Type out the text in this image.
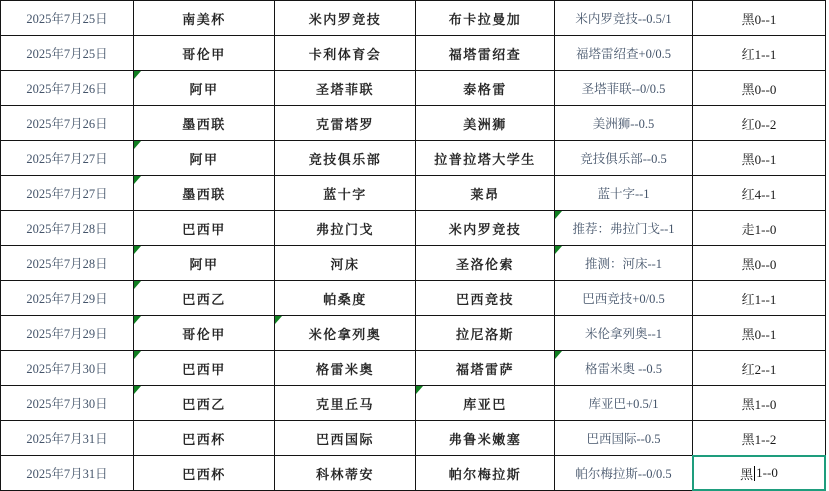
2025年7月25日	南美杯	米内罗竞技	布卡拉曼加	米内罗竞技--0.5/1	黑0--1
2025年7月25日	哥伦甲	卡利体育会	福塔雷绍查	福塔雷绍查+0/0.5	红1--1
2025年7月26日	阿甲	圣塔菲联	泰格雷	圣塔菲联--0/0.5	黑0--0
2025年7月26日	墨西联	克雷塔罗	美洲狮	美洲狮--0.5	红0--2
2025年7月27日	阿甲	竞技俱乐部	拉普拉塔大学生	竞技俱乐部--0.5	黑0--1
2025年7月27日	墨西联	蓝十字	莱昂	蓝十字--1	红4--1
2025年7月28日	巴西甲	弗拉门戈	米内罗竞技	推荐：弗拉门戈--1	走1--0
2025年7月28日	阿甲	河床	圣洛伦索	推测：河床--1	黑0--0
2025年7月29日	巴西乙	帕桑度	巴西竞技	巴西竞技+0/0.5	红1--1
2025年7月29日	哥伦甲	米伦拿列奥	拉尼洛斯	米伦拿列奥--1	黑0--1
2025年7月30日	巴西甲	格雷米奥	福塔雷萨	格雷米奥 --0.5	红2--1
2025年7月30日	巴西乙	克里丘马	库亚巴	库亚巴+0.5/1	黑1--0
2025年7月31日	巴西杯	巴西国际	弗鲁米嫩塞	巴西国际--0.5	黑1--2
2025年7月31日	巴西杯	科林蒂安	帕尔梅拉斯	帕尔梅拉斯--0/0.5	黑 1--0
